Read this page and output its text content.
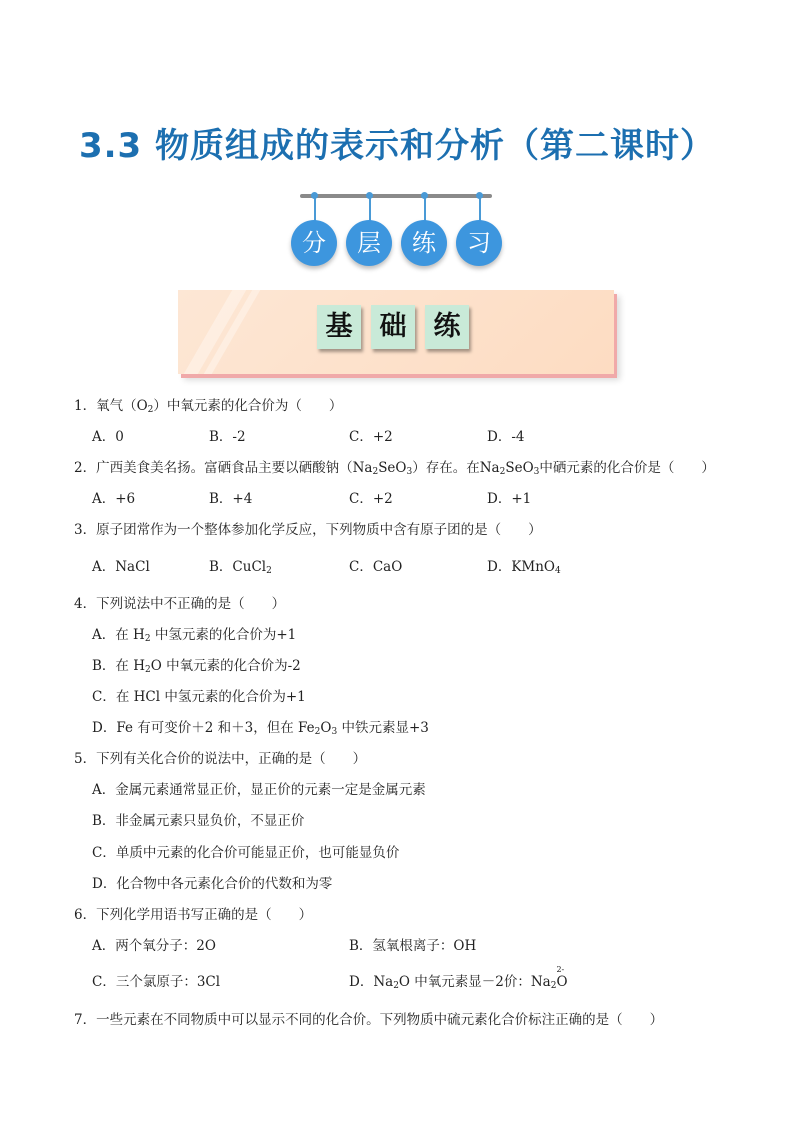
3.3 物质组成的表示和分析（第二课时）
分	层	练	习
基	础	练
1．氧气$(O_2)$中氧元素的化合价为（　　）
A．0	B．-2	C．+2	D．-4
2．广西美食美名扬。富硒食品主要以硒酸钠$(Na_2SeO_3)$存在。在$Na_2SeO_3$中硒元素的化合价是（　　）
A．+6	B．+4	C．+2	D．+1
3．原子团常作为一个整体参加化学反应，下列物质中含有原子团的是（　　）
A．NaCl	B．CuCl$_2$	C．CaO	D．KMnO$_4$
4．下列说法中不正确的是（　　）
A．在 $H_2$ 中氢元素的化合价为+1
B．在 $H_2O$ 中氧元素的化合价为-2
C．在 HCl 中氢元素的化合价为+1
D．Fe 有可变价＋2 和＋3，但在 $Fe_2O_3$ 中铁元素显+3
5．下列有关化合价的说法中，正确的是（　　）
A．金属元素通常显正价，显正价的元素一定是金属元素
B．非金属元素只显负价，不显正价
C．单质中元素的化合价可能显正价，也可能显负价
D．化合物中各元素化合价的代数和为零
6．下列化学用语书写正确的是（　　）
A．两个氧分子：2O	B．氢氧根离子：OH
C．三个氯原子：3Cl	D．$Na_2O$ 中氧元素显－2价：$Na_2$
2-
O
7．一些元素在不同物质中可以显示不同的化合价。下列物质中硫元素化合价标注正确的是（　　）
